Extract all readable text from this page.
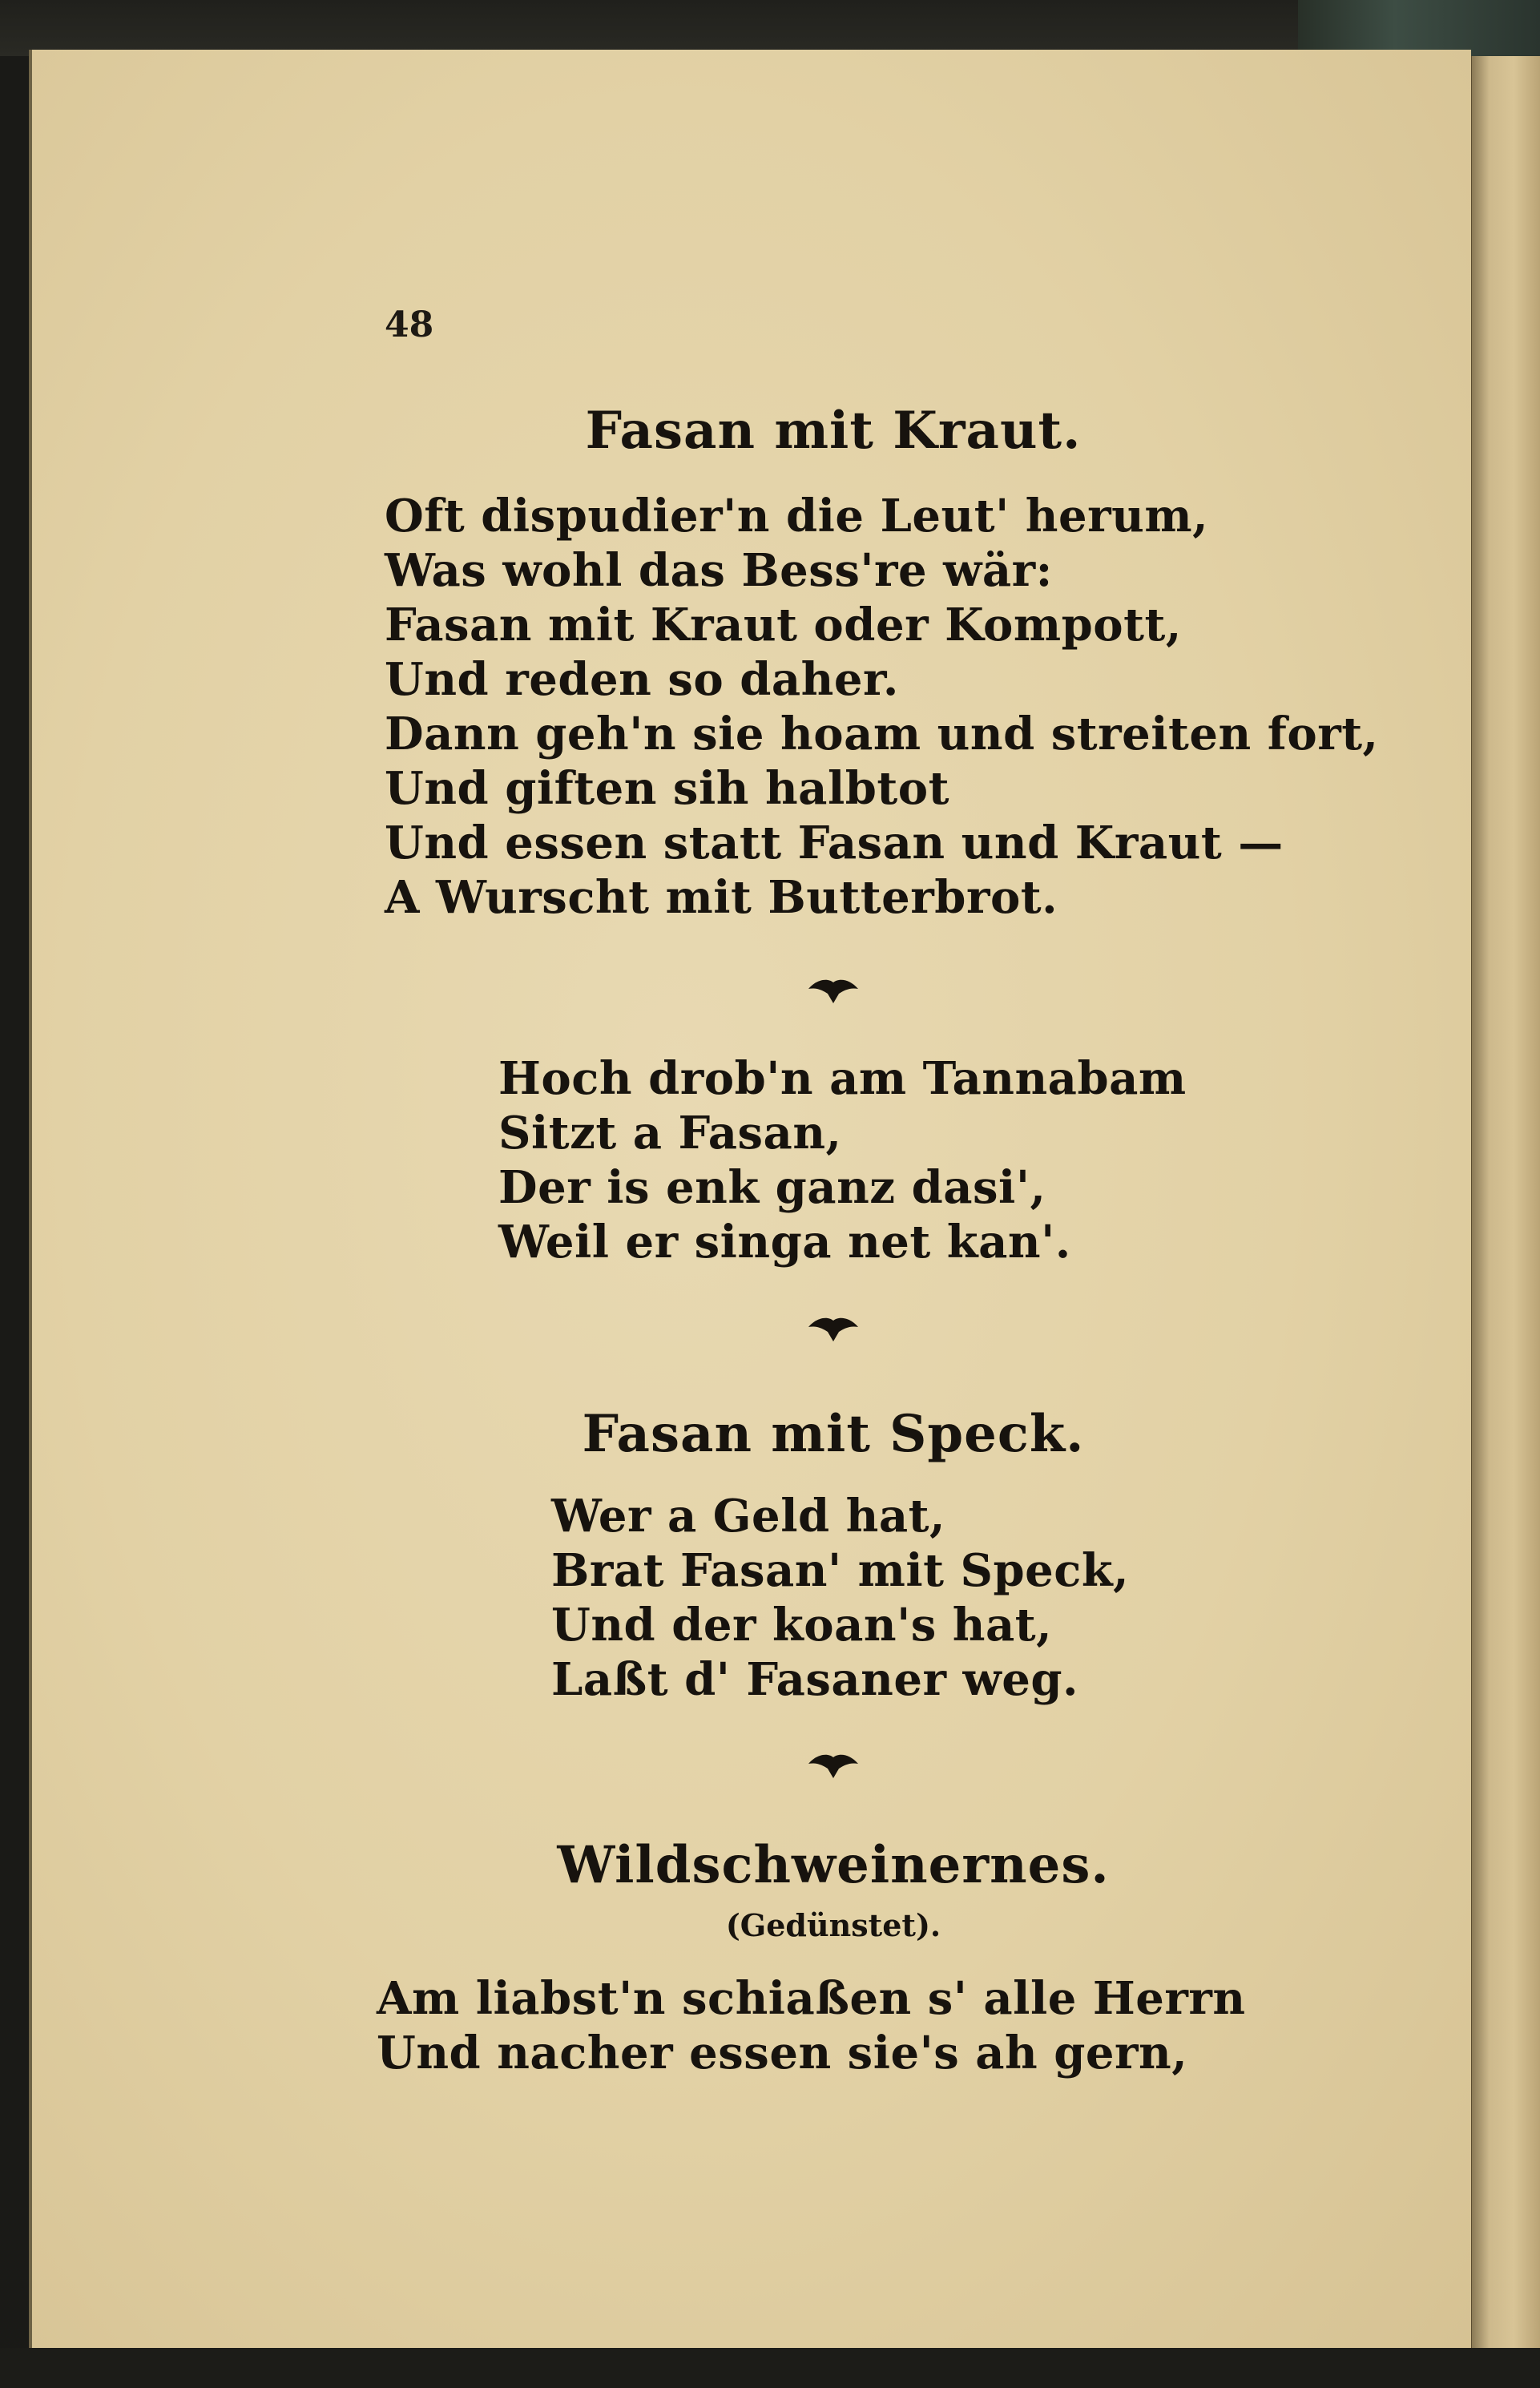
48
Fasan mit Kraut.
Oft dispudier'n die Leut' herum,
Was wohl das Bess're wär:
Fasan mit Kraut oder Kompott,
Und reden so daher.
Dann geh'n sie hoam und streiten fort,
Und giften sih halbtot
Und essen statt Fasan und Kraut —
A Wurscht mit Butterbrot.
Hoch drob'n am Tannabam
Sitzt a Fasan,
Der is enk ganz dasi',
Weil er singa net kan'.
Fasan mit Speck.
Wer a Geld hat,
Brat Fasan' mit Speck,
Und der koan's hat,
Laßt d' Fasaner weg.
Wildschweinernes.
(Gedünstet).
Am liabst'n schiaßen s' alle Herrn
Und nacher essen sie's ah gern,
